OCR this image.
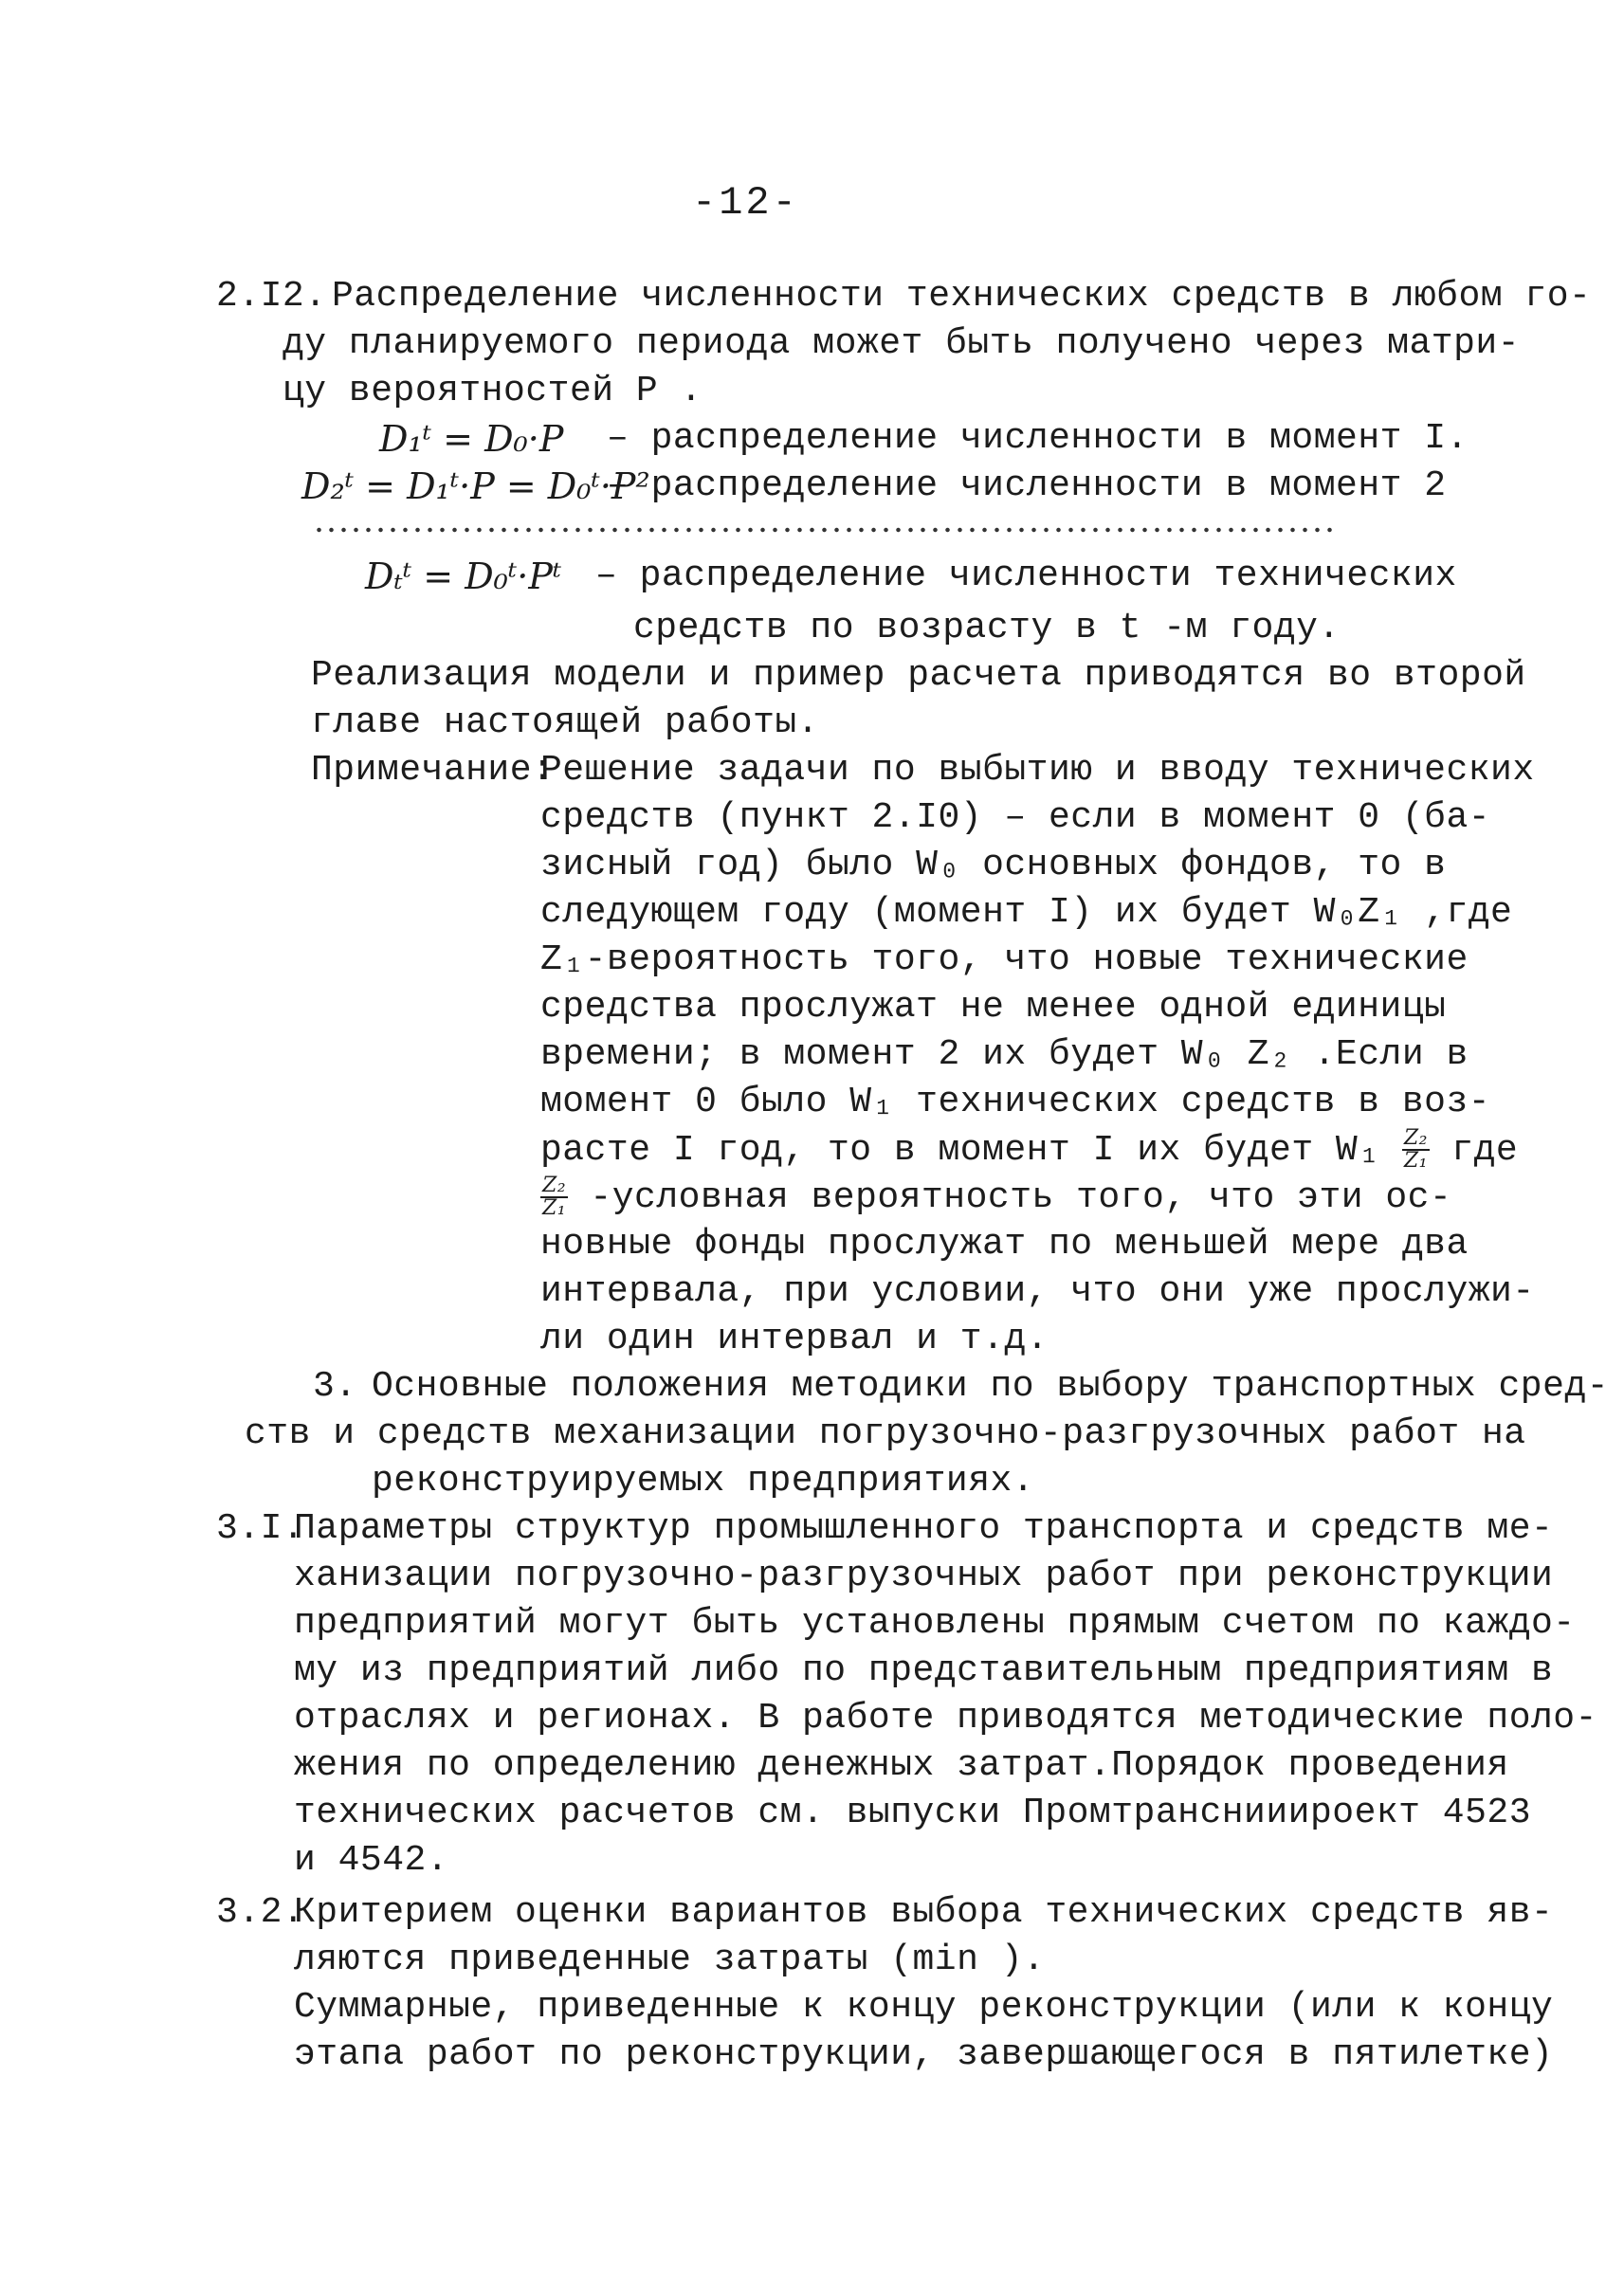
-12-
2.I2. Распределение численности технических средств в любом го-
ду планируемого периода может быть получено через матри-
цу вероятностей Р .
D₁ᵗ = D₀·P – распределение численности в момент I.
D₂ᵗ = D₁ᵗ·P = D₀ᵗ·P²
– распределение численности в момент 2
Dₜᵗ = D₀ᵗ·Pᵗ – распределение численности технических
средств по возрасту в t -м году.
Реализация модели и пример расчета приводятся во второй
главе настоящей работы.
Примечание:
Решение задачи по выбытию и вводу технических
средств (пункт 2.I0) – если в момент 0 (ба-
зисный год) было W₀ основных фондов, то в
следующем году (момент I) их будет W₀Z₁ ,где
Z₁-вероятность того, что новые технические
средства прослужат не менее одной единицы
времени; в момент 2 их будет W₀ Z₂ .Если в
момент 0 было W₁ технических средств в воз-
расте I год, то в момент I их будет $W_1 \frac{\text{Z₂}}{\text{Z₁}}$ где
$\frac{\text{Z₂}}{\text{Z₁}}$ -условная вероятность того, что эти ос-
новные фонды прослужат по меньшей мере два
интервала, при условии, что они уже прослужи-
ли один интервал и т.д.
3. Основные положения методики по выбору транспортных сред-
ств и средств механизации погрузочно-разгрузочных работ на
реконструируемых предприятиях.
3.I.
Параметры структур промышленного транспорта и средств ме-
ханизации погрузочно-разгрузочных работ при реконструкции
предприятий могут быть установлены прямым счетом по каждо-
му из предприятий либо по представительным предприятиям в
отраслях и регионах. В работе приводятся методические поло-
жения по определению денежных затрат.Порядок проведения
технических расчетов см. выпуски Промтранснииироект 4523
и 4542.
3.2.
Критерием оценки вариантов выбора технических средств яв-
ляются приведенные затраты (min ).
Суммарные, приведенные к концу реконструкции (или к концу
этапа работ по реконструкции, завершающегося в пятилетке)
